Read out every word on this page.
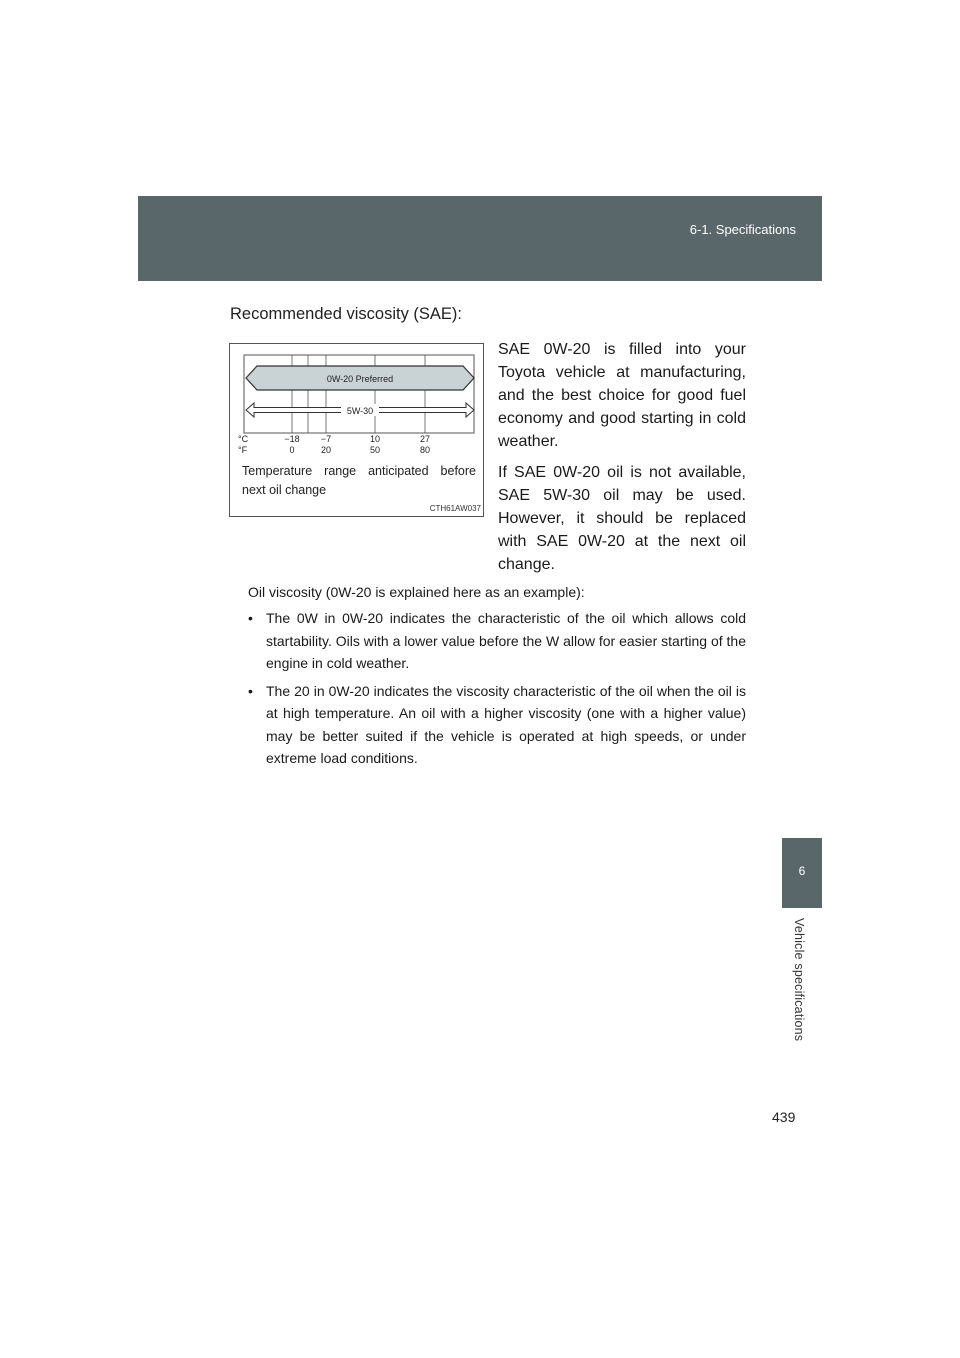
6-1. Specifications
6
Vehicle specifications
Recommended viscosity (SAE):
0W-20 Preferred
5W-30
°C
°F
−18 −7	10	27
0	20	50	80
Temperature range anticipated before next oil change
CTH61AW037

SAE 0W-20 is filled into your Toyota vehicle at manufacturing, and the best choice for good fuel economy and good starting in cold weather.

If SAE 0W-20 oil is not available, SAE 5W-30 oil may be used. However, it should be replaced with SAE 0W-20 at the next oil change.

Oil viscosity (0W-20 is explained here as an example):

• The 0W in 0W-20 indicates the characteristic of the oil which allows cold startability. Oils with a lower value before the W allow for easier starting of the engine in cold weather.
• The 20 in 0W-20 indicates the viscosity characteristic of the oil when the oil is at high temperature. An oil with a higher viscosity (one with a higher value) may be better suited if the vehicle is operated at high speeds, or under extreme load conditions.
439
